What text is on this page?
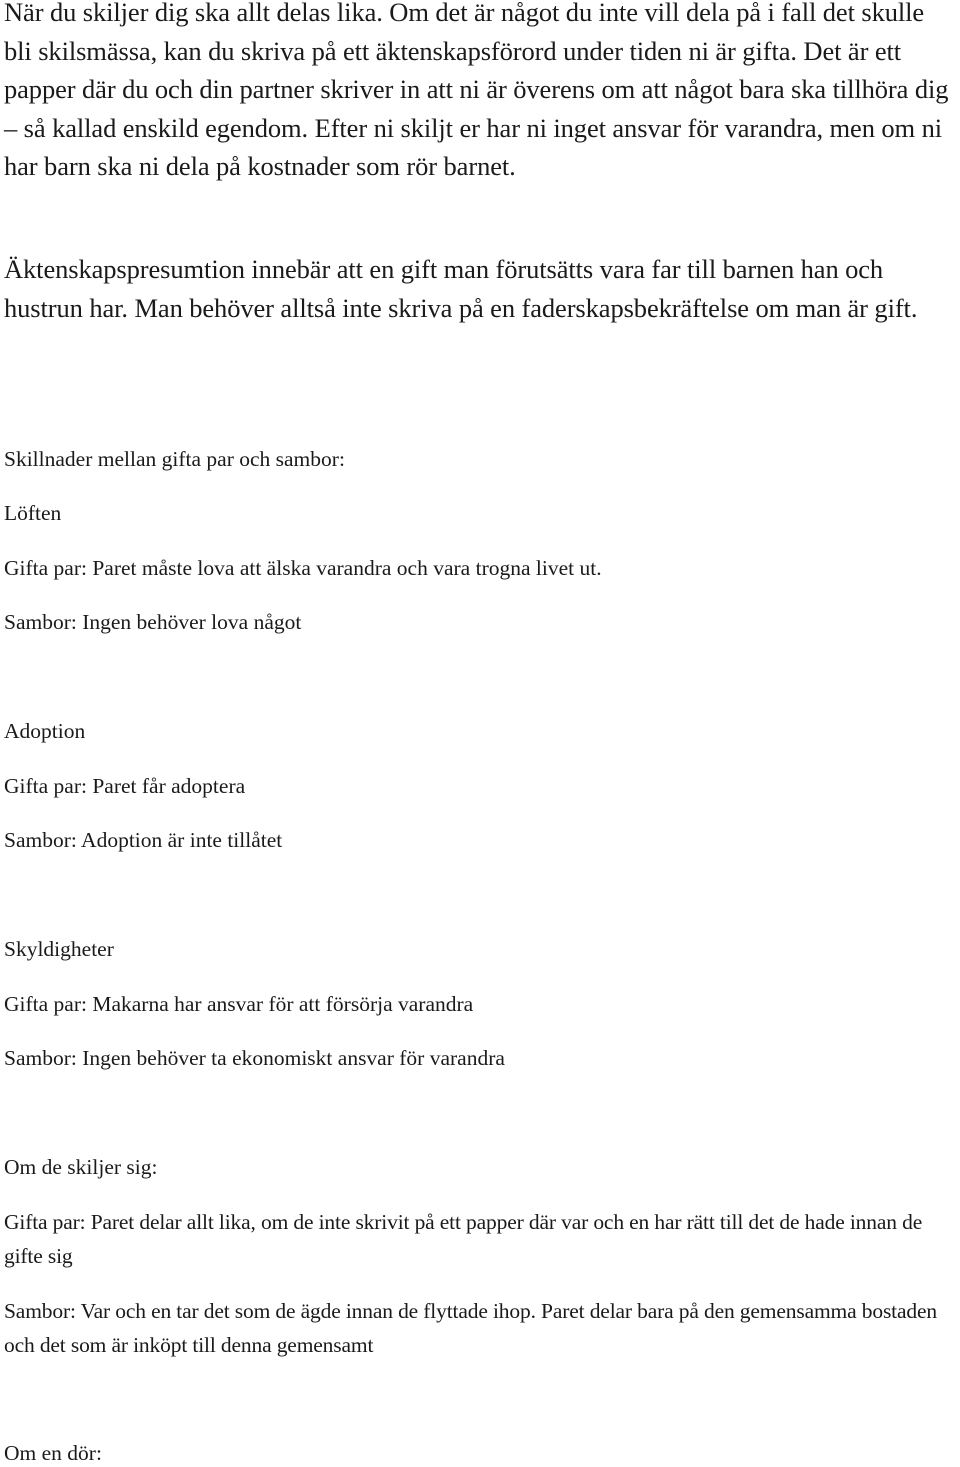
När du skiljer dig ska allt delas lika. Om det är något du inte vill dela på i fall det skulle bli skilsmässa, kan du skriva på ett äktenskapsförord under tiden ni är gifta. Det är ett papper där du och din partner skriver in att ni är överens om att något bara ska tillhöra dig – så kallad enskild egendom. Efter ni skiljt er har ni inget ansvar för varandra, men om ni har barn ska ni dela på kostnader som rör barnet.

Äktenskapspresumtion innebär att en gift man förutsätts vara far till barnen han och hustrun har. Man behöver alltså inte skriva på en faderskapsbekräftelse om man är gift.

Skillnader mellan gifta par och sambor:

Löften

Gifta par: Paret måste lova att älska varandra och vara trogna livet ut.

Sambor: Ingen behöver lova något

Adoption

Gifta par: Paret får adoptera

Sambor: Adoption är inte tillåtet

Skyldigheter

Gifta par: Makarna har ansvar för att försörja varandra

Sambor: Ingen behöver ta ekonomiskt ansvar för varandra

Om de skiljer sig:

Gifta par: Paret delar allt lika, om de inte skrivit på ett papper där var och en har rätt till det de hade innan de gifte sig

Sambor: Var och en tar det som de ägde innan de flyttade ihop. Paret delar bara på den gemensamma bostaden och det som är inköpt till denna gemensamt

Om en dör:
